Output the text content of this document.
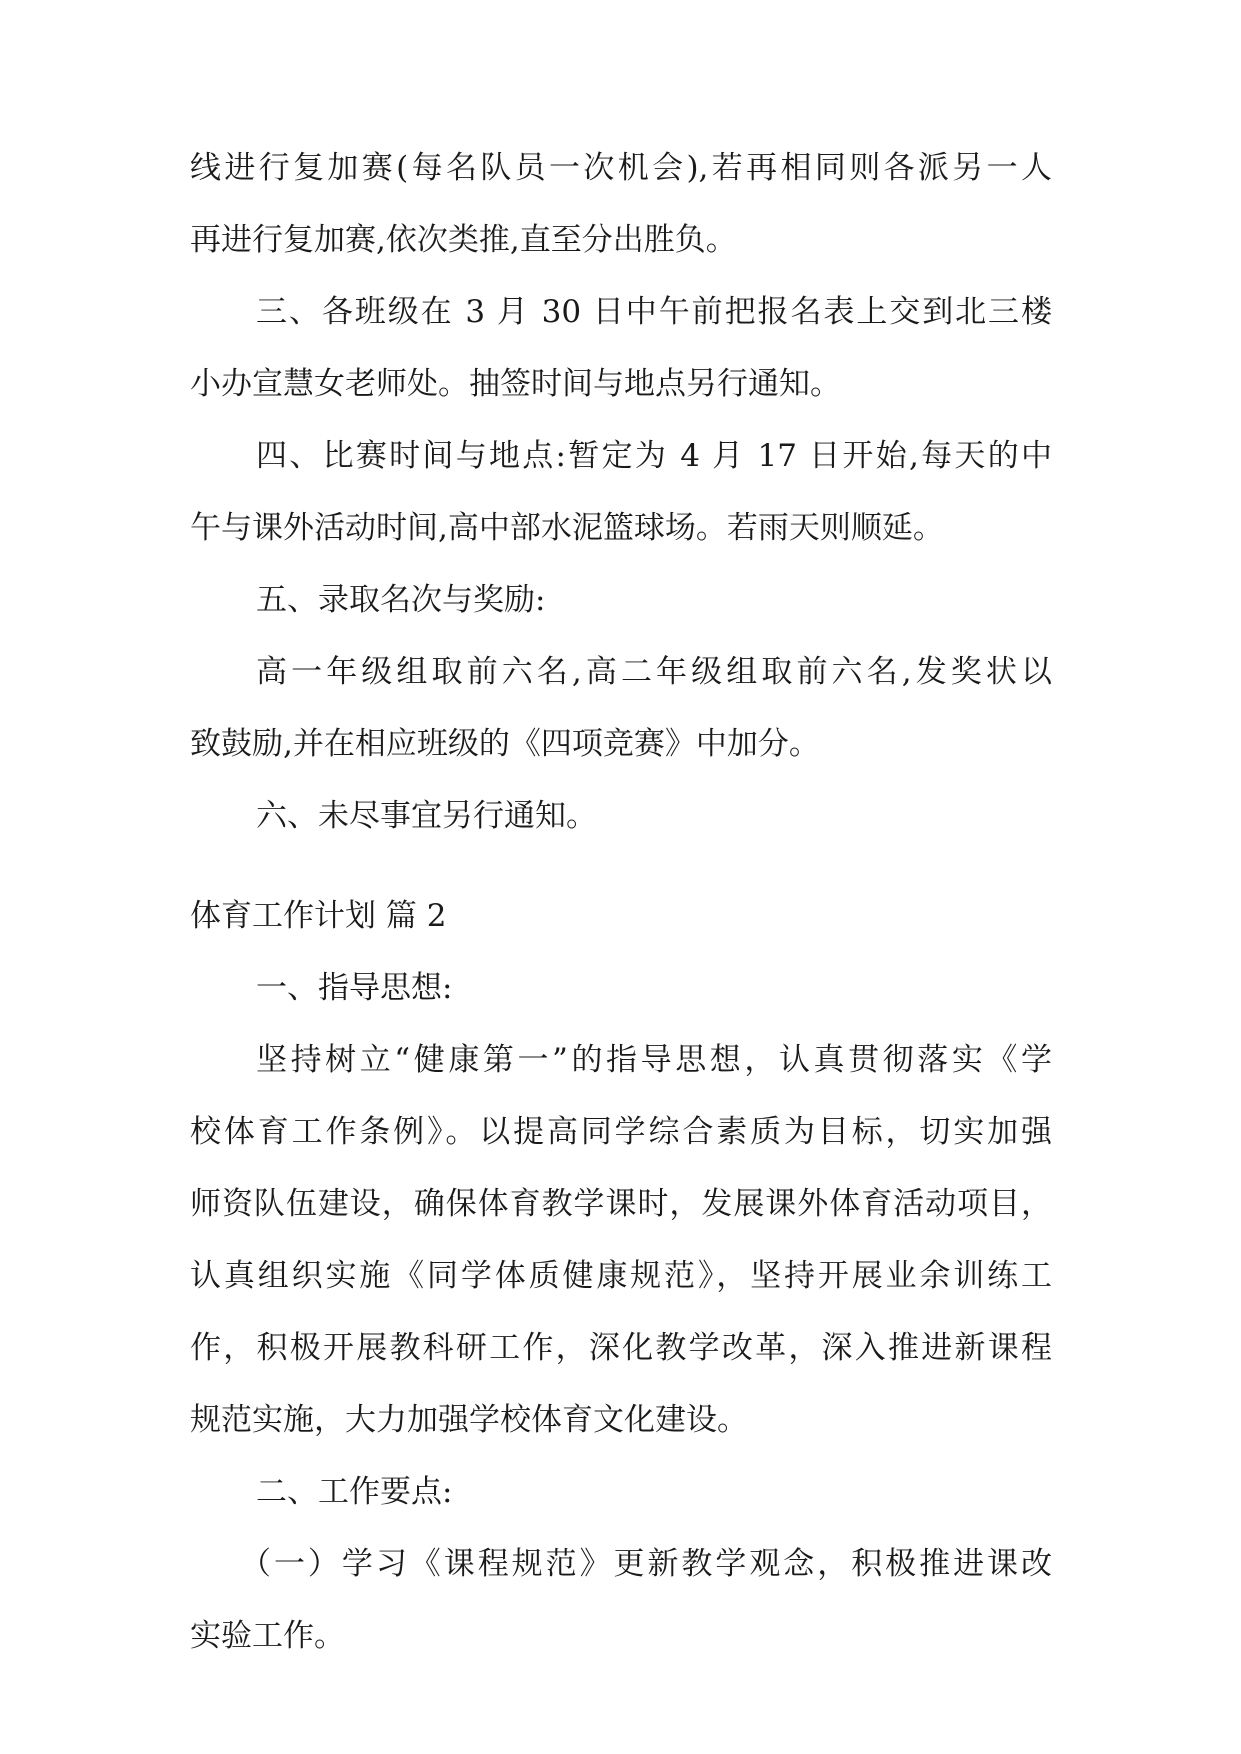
线进行复加赛(每名队员一次机会),若再相同则各派另一人
再进行复加赛,依次类推,直至分出胜负。
三、各班级在 3 月 30 日中午前把报名表上交到北三楼
小办宣慧女老师处。抽签时间与地点另行通知。
四、比赛时间与地点:暂定为 4 月 17 日开始,每天的中
午与课外活动时间,高中部水泥篮球场。若雨天则顺延。
五、录取名次与奖励:
高一年级组取前六名,高二年级组取前六名,发奖状以
致鼓励,并在相应班级的《四项竞赛》中加分。
六、未尽事宜另行通知。
体育工作计划 篇 2
一、指导思想:
坚持树立“健康第一”的指导思想，认真贯彻落实《学
校体育工作条例》。以提高同学综合素质为目标，切实加强
师资队伍建设，确保体育教学课时，发展课外体育活动项目，
认真组织实施《同学体质健康规范》，坚持开展业余训练工
作，积极开展教科研工作，深化教学改革，深入推进新课程
规范实施，大力加强学校体育文化建设。
二、工作要点:
（一）学习《课程规范》更新教学观念，积极推进课改
实验工作。
